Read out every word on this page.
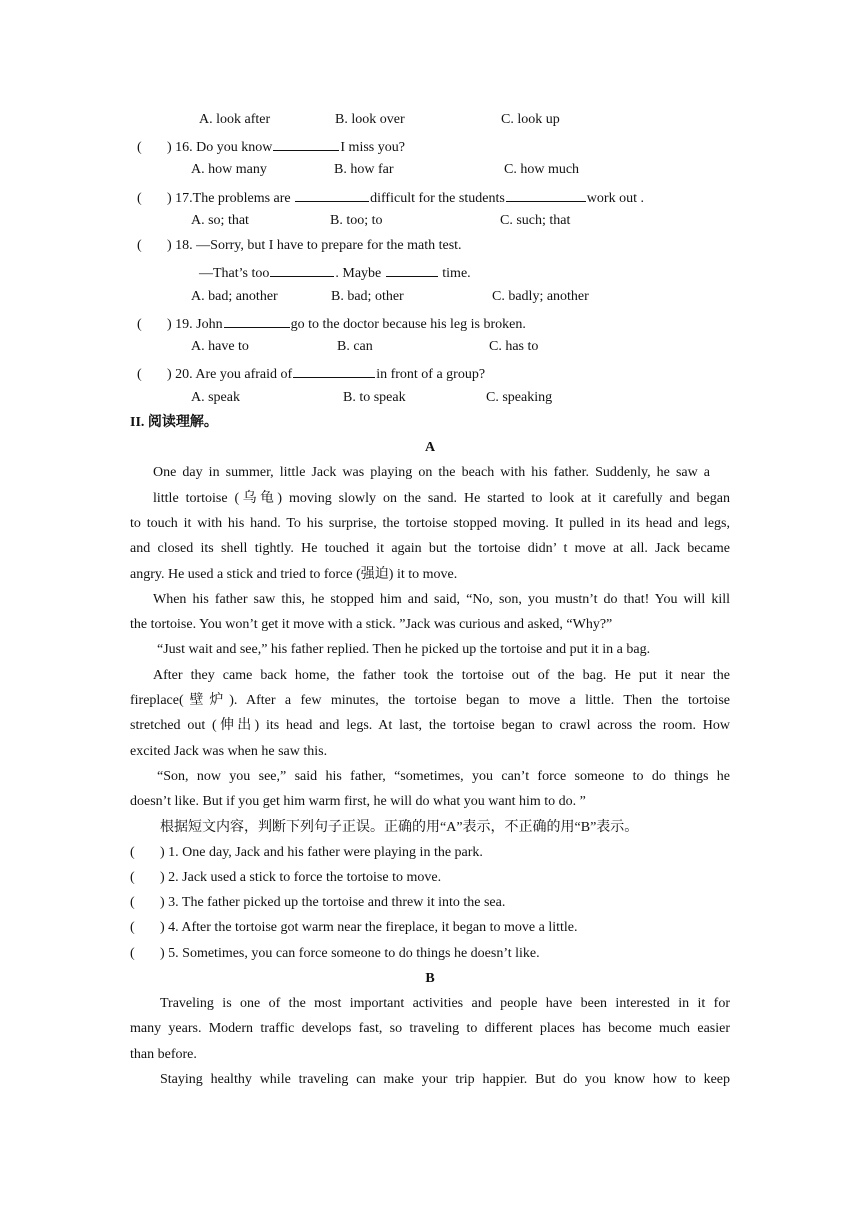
A. look after	B. look over	C. look up
( ) 16. Do you know	I miss you?
A. how many	B. how far	C. how much
( ) 17.The problems are	difficult for the students	work out .
A. so; that	B. too; to	C. such; that
( ) 18. —Sorry, but I have to prepare for the math test.
—That’s too	. Maybe	time.
A. bad; another	B. bad; other	C. badly; another
( ) 19. John	go to the doctor because his leg is broken.
A. have to	B. can	C. has to
( ) 20. Are you afraid of	in front of a group?
A. speak	B. to speak	C. speaking
II. 阅读理解。
A
One day in summer, little Jack was playing on the beach with his father. Suddenly, he saw a
little tortoise (乌龟) moving slowly on the sand. He started to look at it carefully and began
to touch it with his hand. To his surprise, the tortoise stopped moving. It pulled in its head and legs,
and closed its shell tightly. He touched it again but the tortoise didn’ t move at all. Jack became
angry. He used a stick and tried to force (强迫) it to move.
When his father saw this, he stopped him and said, “No, son, you mustn’t do that! You will kill
the tortoise. You won’t get it move with a stick. ”Jack was curious and asked, “Why?”
“Just wait and see,” his father replied. Then he picked up the tortoise and put it in a bag.
After they came back home, the father took the tortoise out of the bag. He put it near the
fireplace(壁炉). After a few minutes, the tortoise began to move a little. Then the tortoise
stretched out (伸出) its head and legs. At last, the tortoise began to crawl across the room. How
excited Jack was when he saw this.
“Son, now you see,” said his father, “sometimes, you can’t force someone to do things he
doesn’t like. But if you get him warm first, he will do what you want him to do. ”
根据短文内容，判断下列句子正误。正确的用“A”表示，不正确的用“B”表示。
( ) 1. One day, Jack and his father were playing in the park.
( ) 2. Jack used a stick to force the tortoise to move.
( ) 3. The father picked up the tortoise and threw it into the sea.
( ) 4. After the tortoise got warm near the fireplace, it began to move a little.
( ) 5. Sometimes, you can force someone to do things he doesn’t like.
B
Traveling is one of the most important activities and people have been interested in it for
many years. Modern traffic develops fast, so traveling to different places has become much easier
than before.
Staying healthy while traveling can make your trip happier. But do you know how to keep
